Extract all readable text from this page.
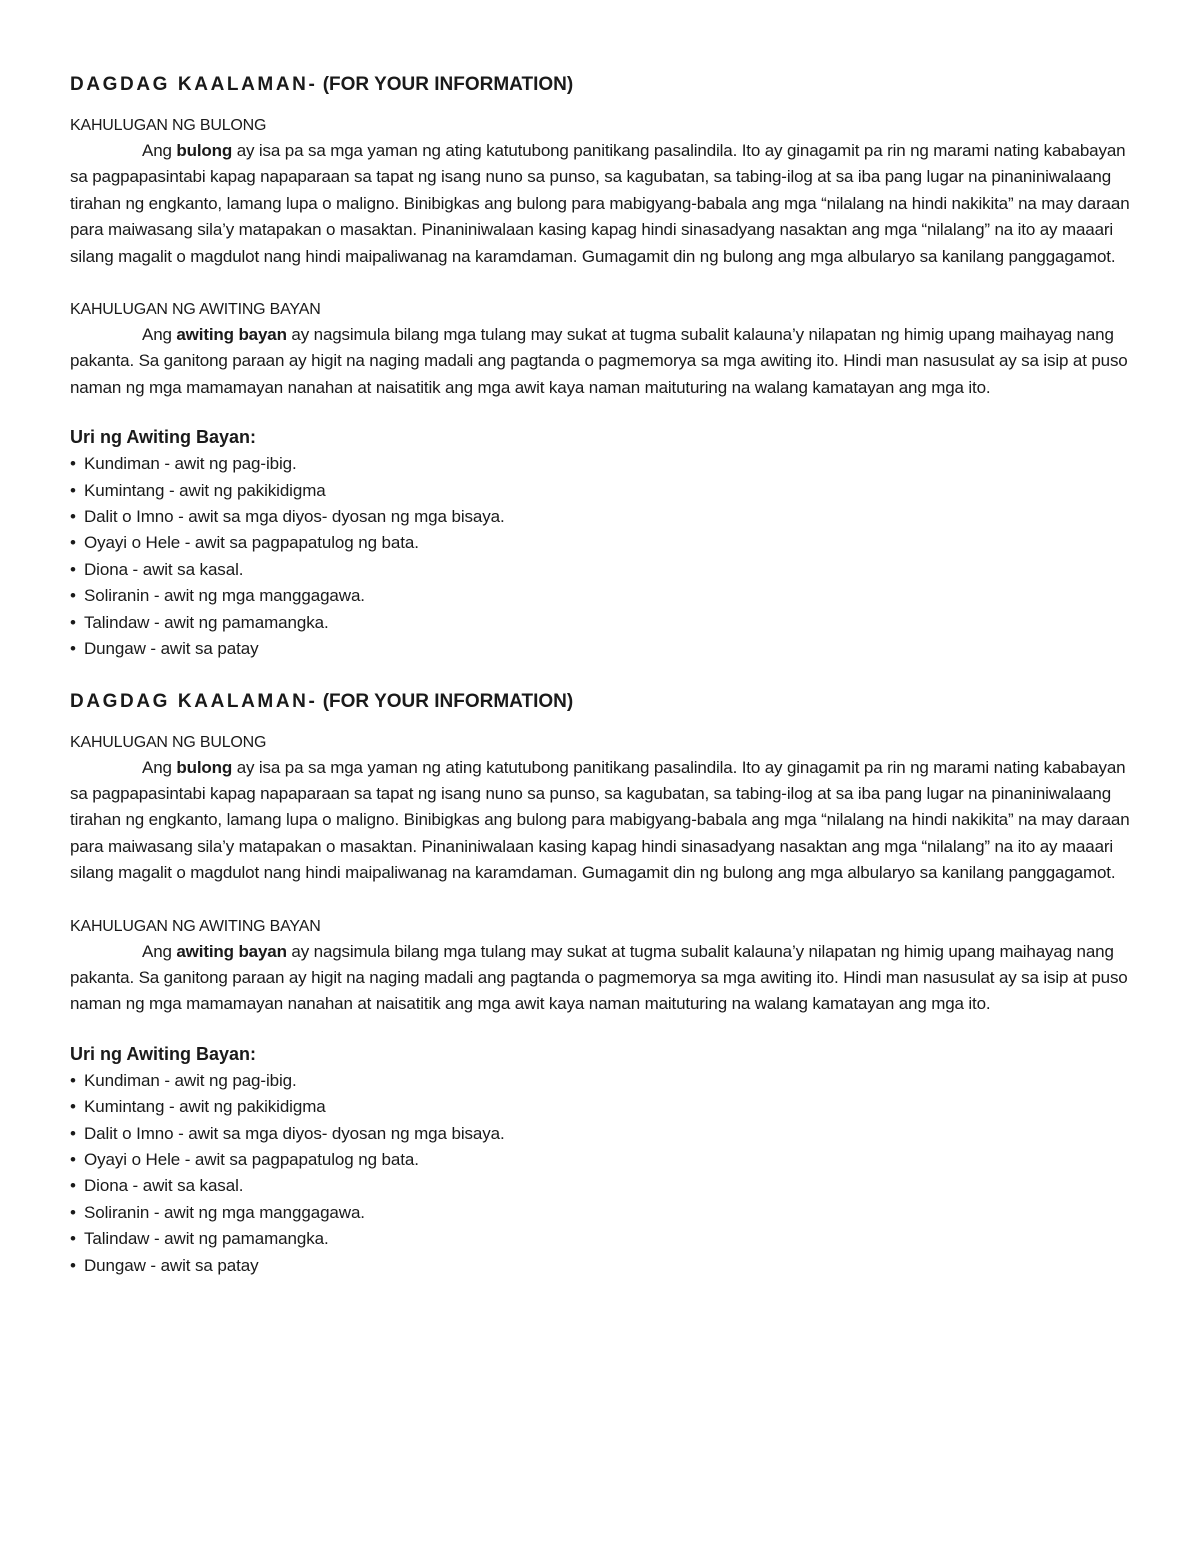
DAGDAG KAALAMAN- (FOR YOUR INFORMATION)

KAHULUGAN NG BULONG

Ang bulong ay isa pa sa mga yaman ng ating katutubong panitikang pasalindila. Ito ay ginagamit pa rin ng marami nating kababayan sa pagpapasintabi kapag napaparaan sa tapat ng isang nuno sa punso, sa kagubatan, sa tabing-ilog at sa iba pang lugar na pinaniniwalaang tirahan ng engkanto, lamang lupa o maligno. Binibigkas ang bulong para mabigyang-babala ang mga “nilalang na hindi nakikita” na may daraan para maiwasang sila’y matapakan o masaktan. Pinaniniwalaan kasing kapag hindi sinasadyang nasaktan ang mga “nilalang” na ito ay maaari silang magalit o magdulot nang hindi maipaliwanag na karamdaman. Gumagamit din ng bulong ang mga albularyo sa kanilang panggagamot.

KAHULUGAN NG AWITING BAYAN

Ang awiting bayan ay nagsimula bilang mga tulang may sukat at tugma subalit kalauna’y nilapatan ng himig upang maihayag nang pakanta. Sa ganitong paraan ay higit na naging madali ang pagtanda o pagmemorya sa mga awiting ito. Hindi man nasusulat ay sa isip at puso naman ng mga mamamayan nanahan at naisatitik ang mga awit kaya naman maituturing na walang kamatayan ang mga ito.

Uri ng Awiting Bayan:
• Kundiman - awit ng pag-ibig.
• Kumintang - awit ng pakikidigma
• Dalit o Imno - awit sa mga diyos- dyosan ng mga bisaya.
• Oyayi o Hele - awit sa pagpapatulog ng bata.
• Diona - awit sa kasal.
• Soliranin - awit ng mga manggagawa.
• Talindaw - awit ng pamamangka.
• Dungaw - awit sa patay
DAGDAG KAALAMAN- (FOR YOUR INFORMATION)

KAHULUGAN NG BULONG

Ang bulong ay isa pa sa mga yaman ng ating katutubong panitikang pasalindila. Ito ay ginagamit pa rin ng marami nating kababayan sa pagpapasintabi kapag napaparaan sa tapat ng isang nuno sa punso, sa kagubatan, sa tabing-ilog at sa iba pang lugar na pinaniniwalaang tirahan ng engkanto, lamang lupa o maligno. Binibigkas ang bulong para mabigyang-babala ang mga “nilalang na hindi nakikita” na may daraan para maiwasang sila’y matapakan o masaktan. Pinaniniwalaan kasing kapag hindi sinasadyang nasaktan ang mga “nilalang” na ito ay maaari silang magalit o magdulot nang hindi maipaliwanag na karamdaman. Gumagamit din ng bulong ang mga albularyo sa kanilang panggagamot.

KAHULUGAN NG AWITING BAYAN

Ang awiting bayan ay nagsimula bilang mga tulang may sukat at tugma subalit kalauna’y nilapatan ng himig upang maihayag nang pakanta. Sa ganitong paraan ay higit na naging madali ang pagtanda o pagmemorya sa mga awiting ito. Hindi man nasusulat ay sa isip at puso naman ng mga mamamayan nanahan at naisatitik ang mga awit kaya naman maituturing na walang kamatayan ang mga ito.

Uri ng Awiting Bayan:
• Kundiman - awit ng pag-ibig.
• Kumintang - awit ng pakikidigma
• Dalit o Imno - awit sa mga diyos- dyosan ng mga bisaya.
• Oyayi o Hele - awit sa pagpapatulog ng bata.
• Diona - awit sa kasal.
• Soliranin - awit ng mga manggagawa.
• Talindaw - awit ng pamamangka.
• Dungaw - awit sa patay
